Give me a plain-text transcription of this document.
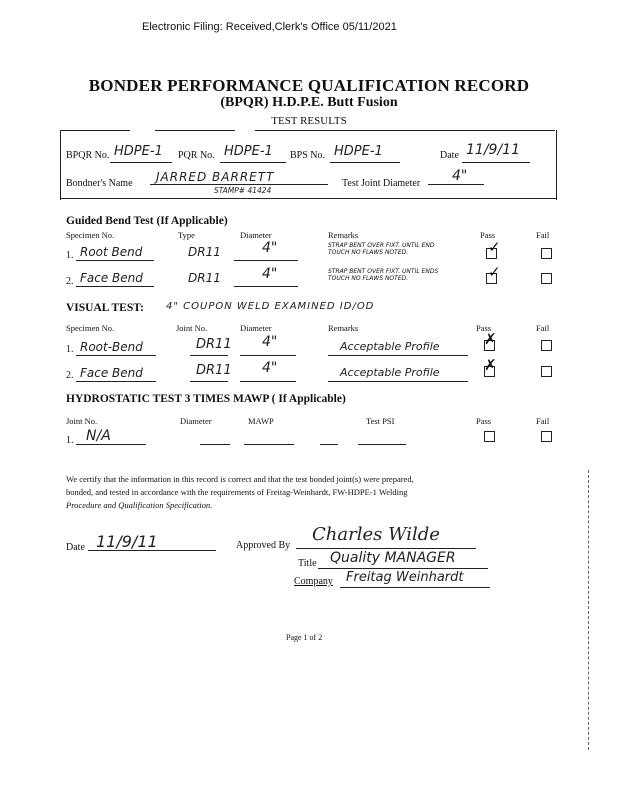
Electronic Filing: Received,Clerk's Office 05/11/2021
BONDER PERFORMANCE QUALIFICATION RECORD
(BPQR) H.D.P.E. Butt Fusion
TEST RESULTS
BPQR No. HDPE-1 PQR No. HDPE-1 BPS No. HDPE-1	Date 11/9/11
Bondner's Name JARRED BARRETT
STAMP# 41424
Test Joint Diameter 4"
Guided Bend Test (If Applicable)
Specimen No.	Type	Diameter	Remarks	Pass	Fail
1. Root Bend	DR11	4"	STRAP BENT OVER FIXT. UNTIL END TOUCH NO FLAWS NOTED.	✓
2. Face Bend	DR11	4"	STRAP BENT OVER FIXT. UNTIL ENDS TOUCH NO FLAWS NOTED.	✓
VISUAL TEST: 4" COUPON WELD EXAMINED ID/OD
Specimen No.	Joint No.	Diameter	Remarks	Pass	Fail
1. Root-Bend	DR11 4"	Acceptable Profile	✗
2. Face Bend	DR11 4"	Acceptable Profile	✗
HYDROSTATIC TEST 3 TIMES MAWP ( If Applicable)
Joint No.	Diameter	MAWP	Test PSI	Pass	Fail
1. N/A
We certify that the information in this record is correct and that the test bonded joint(s) were prepared,
bonded, and tested in accordance with the requirements of Freitag-Weinhardt, FW-HDPE-1 Welding
Procedure and Qualification Specification.
Date 11/9/11	Approved By
Charles Wilde
Title Quality MANAGER
Company Freitag Weinhardt
Page 1 of 2
